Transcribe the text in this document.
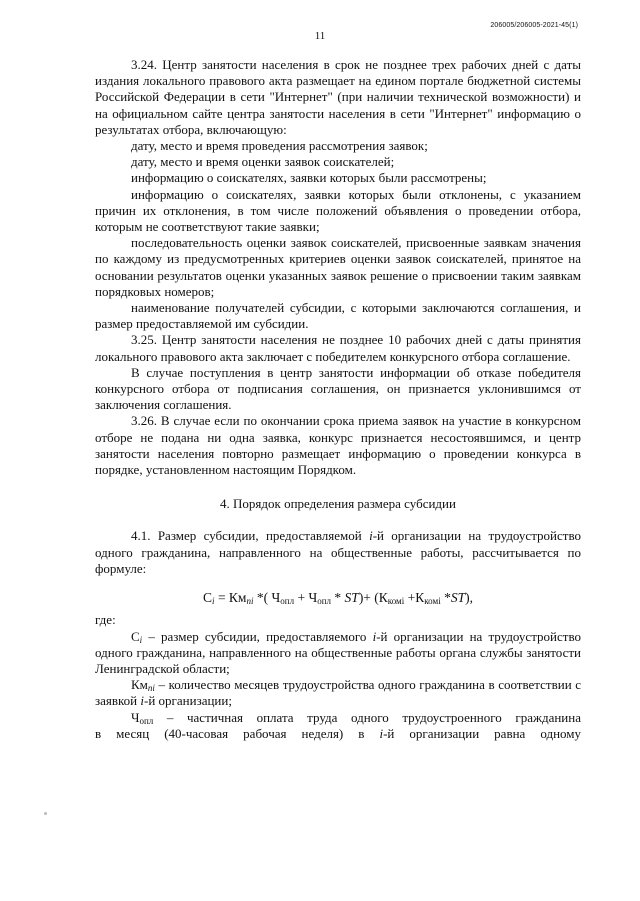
11
206005/206005-2021-45(1)

3.24. Центр занятости населения в срок не позднее трех рабочих дней с даты издания локального правового акта размещает на едином портале бюджетной системы Российской Федерации в сети "Интернет" (при наличии технической возможности) и на официальном сайте центра занятости населения в сети "Интернет" информацию о результатах отбора, включающую:

дату, место и время проведения рассмотрения заявок;

дату, место и время оценки заявок соискателей;

информацию о соискателях, заявки которых были рассмотрены;

информацию о соискателях, заявки которых были отклонены, с указанием причин их отклонения, в том числе положений объявления о проведении отбора, которым не соответствуют такие заявки;

последовательность оценки заявок соискателей, присвоенные заявкам значения по каждому из предусмотренных критериев оценки заявок соискателей, принятое на основании результатов оценки указанных заявок решение о присвоении таким заявкам порядковых номеров;

наименование получателей субсидии, с которыми заключаются соглашения, и размер предоставляемой им субсидии.

3.25. Центр занятости населения не позднее 10 рабочих дней с даты принятия локального правового акта заключает с победителем конкурсного отбора соглашение.

В случае поступления в центр занятости информации об отказе победителя конкурсного отбора от подписания соглашения, он признается уклонившимся от заключения соглашения.

3.26. В случае если по окончании срока приема заявок на участие в конкурсном отборе не подана ни одна заявка, конкурс признается несостоявшимся, и центр занятости населения повторно размещает информацию о проведении конкурса в порядке, установленном настоящим Порядком.

4. Порядок определения размера субсидии

4.1. Размер субсидии, предоставляемой i-й организации на трудоустройство одного гражданина, направленного на общественные работы, рассчитывается по формуле:

$С_i = Км_{ni}$ *( $Ч_{опл} + Ч_{опл} * ST)+ (К_{комi} +К_{комi}$ *ST),

где:

$С_i$ – размер субсидии, предоставляемого i-й организации на трудоустройство одного гражданина, направленного на общественные работы органа службы занятости Ленинградской области;

$Км_{ni}$ – количество месяцев трудоустройства одного гражданина в соответствии с заявкой i-й организации;

$Ч_{опл}$ – частичная оплата труда одного трудоустроенного гражданина

в месяц (40-часовая рабочая неделя) в i-й организации равна одному
